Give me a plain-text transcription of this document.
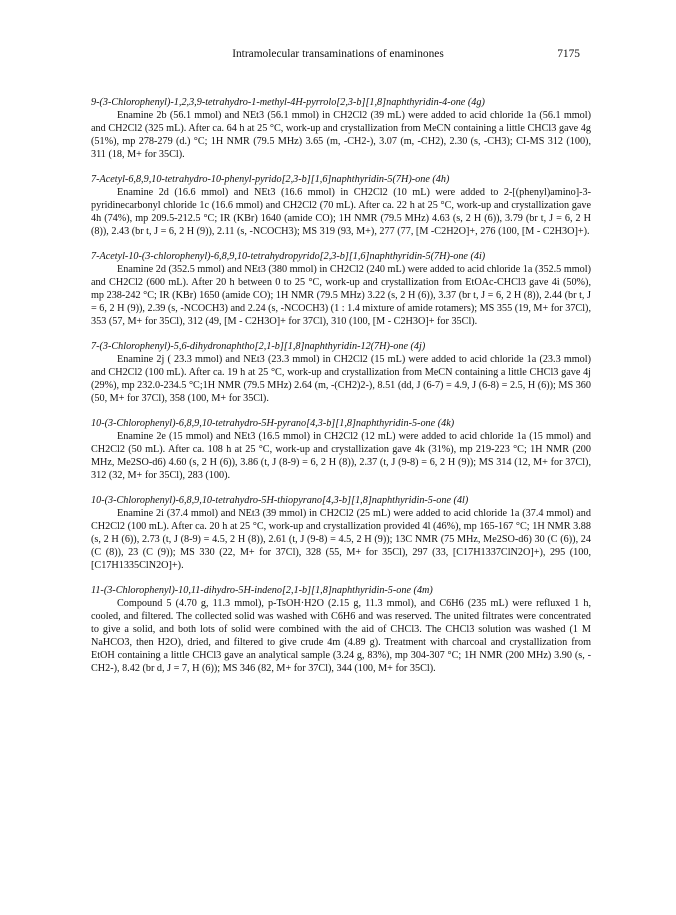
Intramolecular transaminations of enaminones	7175

9-(3-Chlorophenyl)-1,2,3,9-tetrahydro-1-methyl-4H-pyrrolo[2,3-b][1,8]naphthyridin-4-one (4g)

Enamine 2b (56.1 mmol) and NEt3 (56.1 mmol) in CH2Cl2 (39 mL) were added to acid chloride 1a (56.1 mmol) and CH2Cl2 (325 mL). After ca. 64 h at 25 °C, work-up and crystallization from MeCN containing a little CHCl3 gave 4g (51%), mp 278-279 (d.) °C; 1H NMR (79.5 MHz) 3.65 (m, -CH2-), 3.07 (m, -CH2), 2.30 (s, -CH3); CI-MS 312 (100), 311 (18, M+ for 35Cl).

7-Acetyl-6,8,9,10-tetrahydro-10-phenyl-pyrido[2,3-b][1,6]naphthyridin-5(7H)-one (4h)

Enamine 2d (16.6 mmol) and NEt3 (16.6 mmol) in CH2Cl2 (10 mL) were added to 2-[(phenyl)amino]-3-pyridinecarbonyl chloride 1c (16.6 mmol) and CH2Cl2 (70 mL). After ca. 22 h at 25 °C, work-up and crystallization gave 4h (74%), mp 209.5-212.5 °C; IR (KBr) 1640 (amide CO); 1H NMR (79.5 MHz) 4.63 (s, 2 H (6)), 3.79 (br t, J = 6, 2 H (8)), 2.43 (br t, J = 6, 2 H (9)), 2.11 (s, -NCOCH3); MS 319 (93, M+), 277 (77, [M -C2H2O]+, 276 (100, [M - C2H3O]+).

7-Acetyl-10-(3-chlorophenyl)-6,8,9,10-tetrahydropyrido[2,3-b][1,6]naphthyridin-5(7H)-one (4i)

Enamine 2d (352.5 mmol) and NEt3 (380 mmol) in CH2Cl2 (240 mL) were added to acid chloride 1a (352.5 mmol) and CH2Cl2 (600 mL). After 20 h between 0 to 25 °C, work-up and crystallization from EtOAc-CHCl3 gave 4i (50%), mp 238-242 °C; IR (KBr) 1650 (amide CO); 1H NMR (79.5 MHz) 3.22 (s, 2 H (6)), 3.37 (br t, J = 6, 2 H (8)), 2.44 (br t, J = 6, 2 H (9)), 2.39 (s, -NCOCH3) and 2.24 (s, -NCOCH3) (1 : 1.4 mixture of amide rotamers); MS 355 (19, M+ for 37Cl), 353 (57, M+ for 35Cl), 312 (49, [M - C2H3O]+ for 37Cl), 310 (100, [M - C2H3O]+ for 35Cl).

7-(3-Chlorophenyl)-5,6-dihydronaphtho[2,1-b][1,8]naphthyridin-12(7H)-one (4j)

Enamine 2j ( 23.3 mmol) and NEt3 (23.3 mmol) in CH2Cl2 (15 mL) were added to acid chloride 1a (23.3 mmol) and CH2Cl2 (100 mL). After ca. 19 h at 25 °C, work-up and crystallization from MeCN containing a little CHCl3 gave 4j (29%), mp 232.0-234.5 °C;1H NMR (79.5 MHz) 2.64 (m, -(CH2)2-), 8.51 (dd, J (6-7) = 4.9, J (6-8) = 2.5, H (6)); MS 360 (50, M+ for 37Cl), 358 (100, M+ for 35Cl).

10-(3-Chlorophenyl)-6,8,9,10-tetrahydro-5H-pyrano[4,3-b][1,8]naphthyridin-5-one (4k)

Enamine 2e (15 mmol) and NEt3 (16.5 mmol) in CH2Cl2 (12 mL) were added to acid chloride 1a (15 mmol) and CH2Cl2 (50 mL). After ca. 108 h at 25 °C, work-up and crystallization gave 4k (31%), mp 219-223 °C; 1H NMR (200 MHz, Me2SO-d6) 4.60 (s, 2 H (6)), 3.86 (t, J (8-9) = 6, 2 H (8)), 2.37 (t, J (9-8) = 6, 2 H (9)); MS 314 (12, M+ for 37Cl), 312 (32, M+ for 35Cl), 283 (100).

10-(3-Chlorophenyl)-6,8,9,10-tetrahydro-5H-thiopyrano[4,3-b][1,8]naphthyridin-5-one (4l)

Enamine 2i (37.4 mmol) and NEt3 (39 mmol) in CH2Cl2 (25 mL) were added to acid chloride 1a (37.4 mmol) and CH2Cl2 (100 mL). After ca. 20 h at 25 °C, work-up and crystallization provided 4l (46%), mp 165-167 °C; 1H NMR 3.88 (s, 2 H (6)), 2.73 (t, J (8-9) = 4.5, 2 H (8)), 2.61 (t, J (9-8) = 4.5, 2 H (9)); 13C NMR (75 MHz, Me2SO-d6) 30 (C (6)), 24 (C (8)), 23 (C (9)); MS 330 (22, M+ for 37Cl), 328 (55, M+ for 35Cl), 297 (33, [C17H1337ClN2O]+), 295 (100, [C17H1335ClN2O]+).

11-(3-Chlorophenyl)-10,11-dihydro-5H-indeno[2,1-b][1,8]naphthyridin-5-one (4m)

Compound 5 (4.70 g, 11.3 mmol), p-TsOH·H2O (2.15 g, 11.3 mmol), and C6H6 (235 mL) were refluxed 1 h, cooled, and filtered. The collected solid was washed with C6H6 and was reserved. The united filtrates were concentrated to give a solid, and both lots of solid were combined with the aid of CHCl3. The CHCl3 solution was washed (1 M NaHCO3, then H2O), dried, and filtered to give crude 4m (4.89 g). Treatment with charcoal and crystallization from EtOH containing a little CHCl3 gave an analytical sample (3.24 g, 83%), mp 304-307 °C; 1H NMR (200 MHz) 3.90 (s, -CH2-), 8.42 (br d, J = 7, H (6)); MS 346 (82, M+ for 37Cl), 344 (100, M+ for 35Cl).
